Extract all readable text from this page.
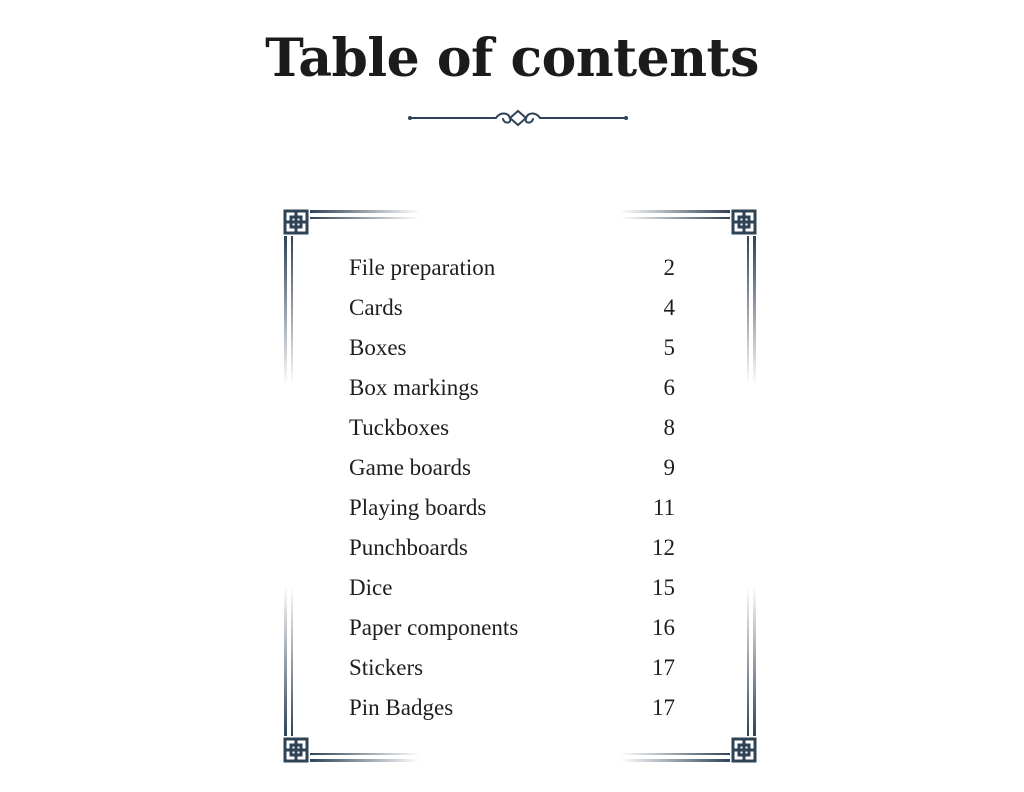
Table of contents
File preparation	2
Cards	4
Boxes	5
Box markings	6
Tuckboxes	8
Game boards	9
Playing boards	11
Punchboards	12
Dice	15
Paper components	16
Stickers	17
Pin Badges	17
